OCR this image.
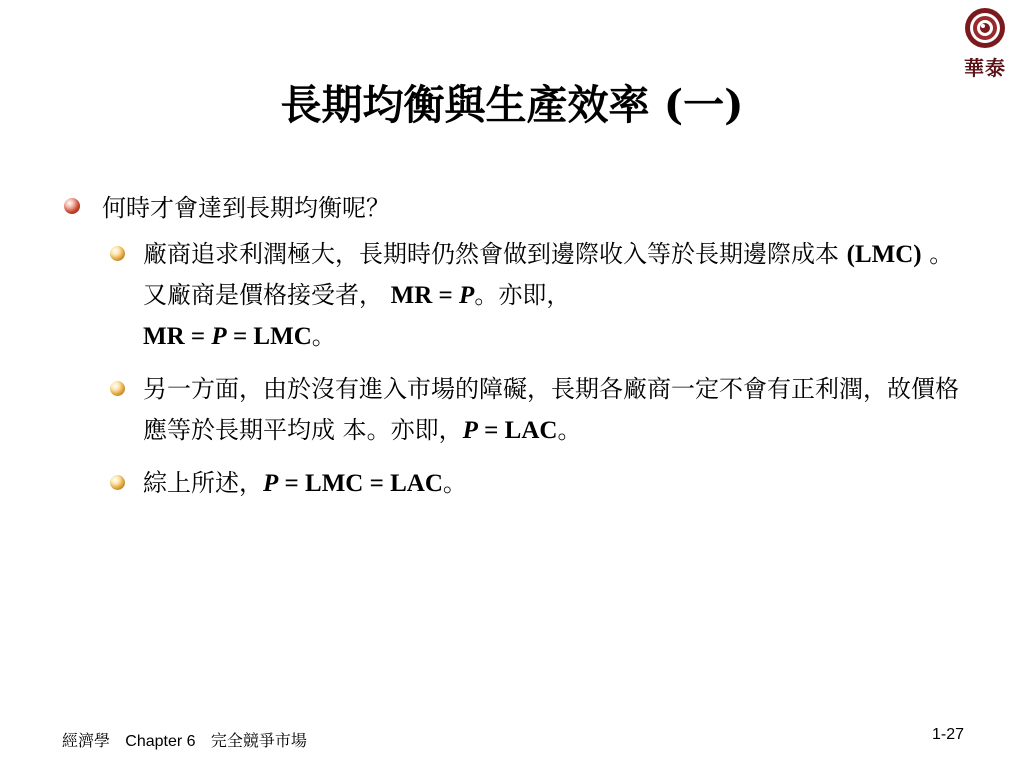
華泰
長期均衡與生產效率 (一)
何時才會達到長期均衡呢？
廠商追求利潤極大，長期時仍然會做到邊際收入等於長期邊際成本 (LMC) 。又廠商是價格接受者， MR = P。亦即，
MR = P = LMC。
另一方面，由於沒有進入市場的障礙，長期各廠商一定不會有正利潤，故價格應等於長期平均成 本。亦即，P = LAC。
綜上所述，P = LMC = LAC。
經濟學 Chapter 6 完全競爭市場	1-27
